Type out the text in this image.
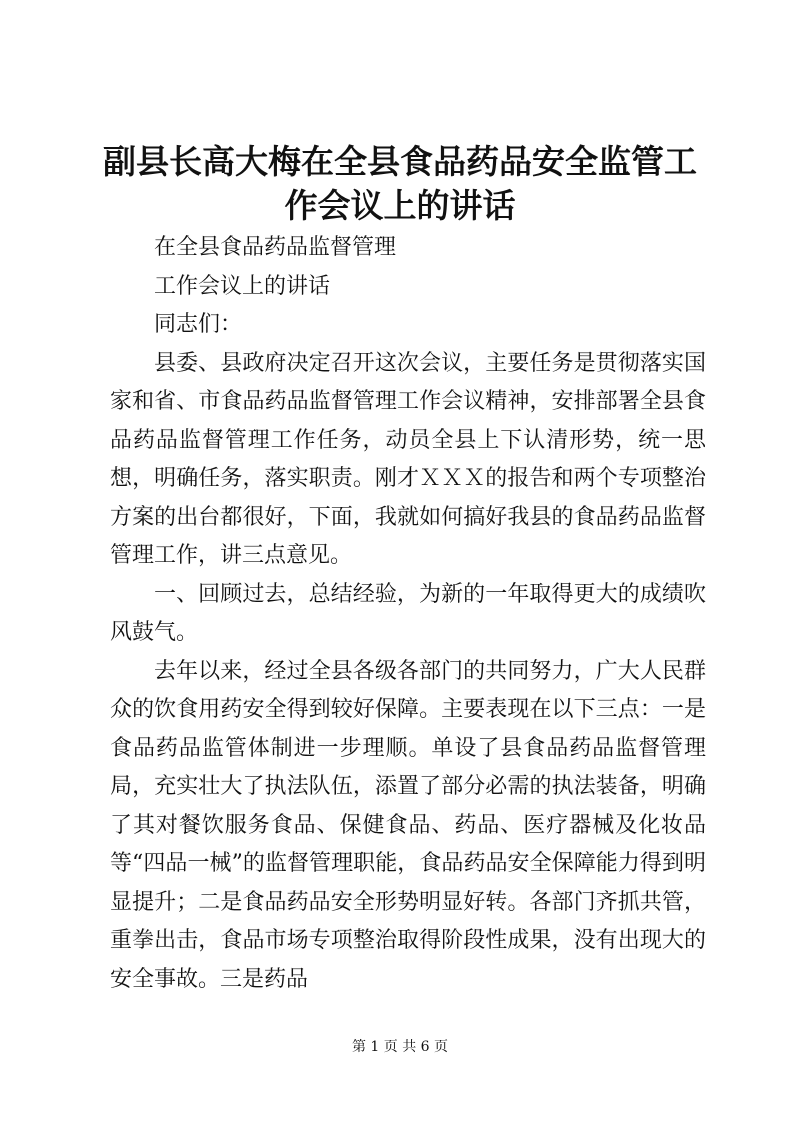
副县长高大梅在全县食品药品安全监管工作会议上的讲话

在全县食品药品监督管理

工作会议上的讲话

同志们：

县委、县政府决定召开这次会议，主要任务是贯彻落实国家和省、市食品药品监督管理工作会议精神，安排部署全县食品药品监督管理工作任务，动员全县上下认清形势，统一思想，明确任务，落实职责。刚才ＸＸＸ的报告和两个专项整治方案的出台都很好，下面，我就如何搞好我县的食品药品监督管理工作，讲三点意见。

一、回顾过去，总结经验，为新的一年取得更大的成绩吹风鼓气。

去年以来，经过全县各级各部门的共同努力，广大人民群众的饮食用药安全得到较好保障。主要表现在以下三点：一是食品药品监管体制进一步理顺。单设了县食品药品监督管理局，充实壮大了执法队伍，添置了部分必需的执法装备，明确了其对餐饮服务食品、保健食品、药品、医疗器械及化妆品等“四品一械”的监督管理职能，食品药品安全保障能力得到明显提升；二是食品药品安全形势明显好转。各部门齐抓共管，重拳出击，食品市场专项整治取得阶段性成果，没有出现大的安全事故。三是药品

第 1 页 共 6 页
